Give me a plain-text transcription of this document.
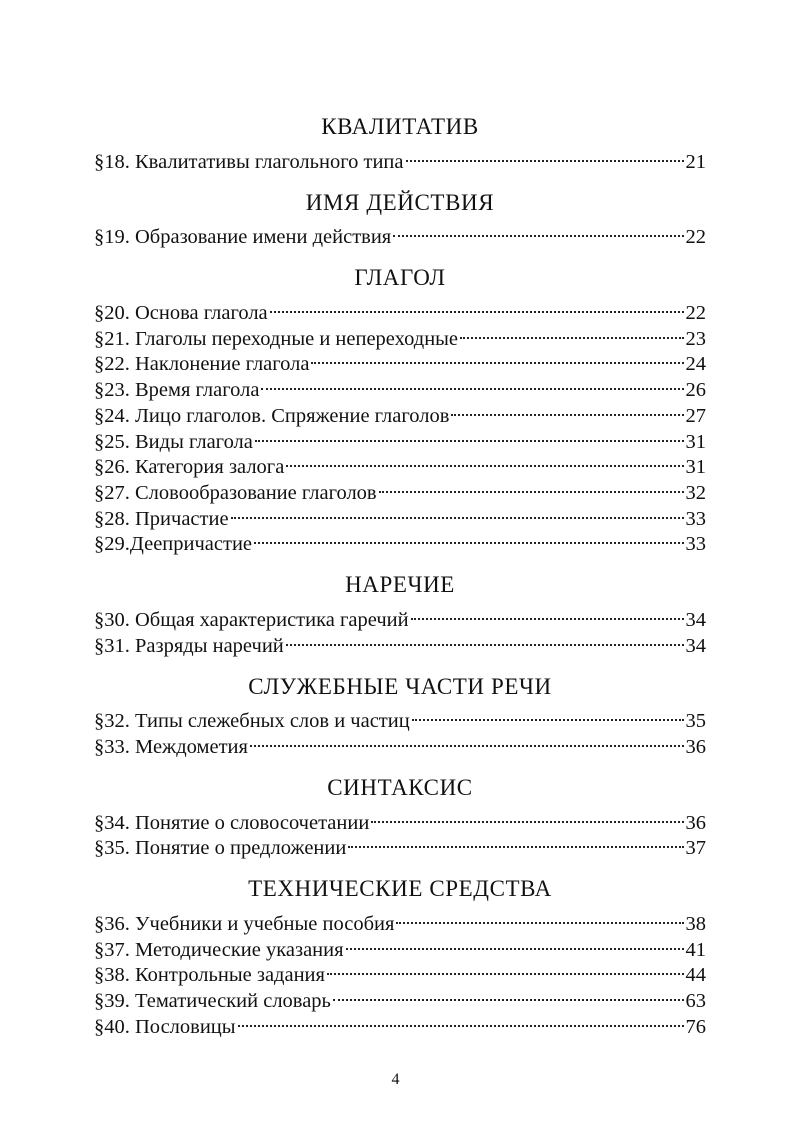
КВАЛИТАТИВ
§18. Квалитативы глагольного типа	21
ИМЯ ДЕЙСТВИЯ
§19. Образование имени действия	22
ГЛАГОЛ
§20. Основа глагола	22
§21. Глаголы переходные и непереходные	23
§22. Наклонение глагола	24
§23. Время глагола	26
§24. Лицо глаголов. Спряжение глаголов	27
§25. Виды глагола	31
§26. Категория залога	31
§27. Словообразование глаголов	32
§28. Причастие	33
§29.Деепричастие	33
НАРЕЧИЕ
§30. Общая характеристика гаречий	34
§31. Разряды наречий	34
СЛУЖЕБНЫЕ ЧАСТИ РЕЧИ
§32. Типы слежебных слов и частиц	35
§33. Междометия	36
СИНТАКСИС
§34. Понятие о словосочетании	36
§35. Понятие о предложении	37
ТЕХНИЧЕСКИЕ СРЕДСТВА
§36. Учебники и учебные пособия	38
§37. Методические указания	41
§38. Контрольные задания	44
§39. Тематический словарь	63
§40. Пословицы	76
4
